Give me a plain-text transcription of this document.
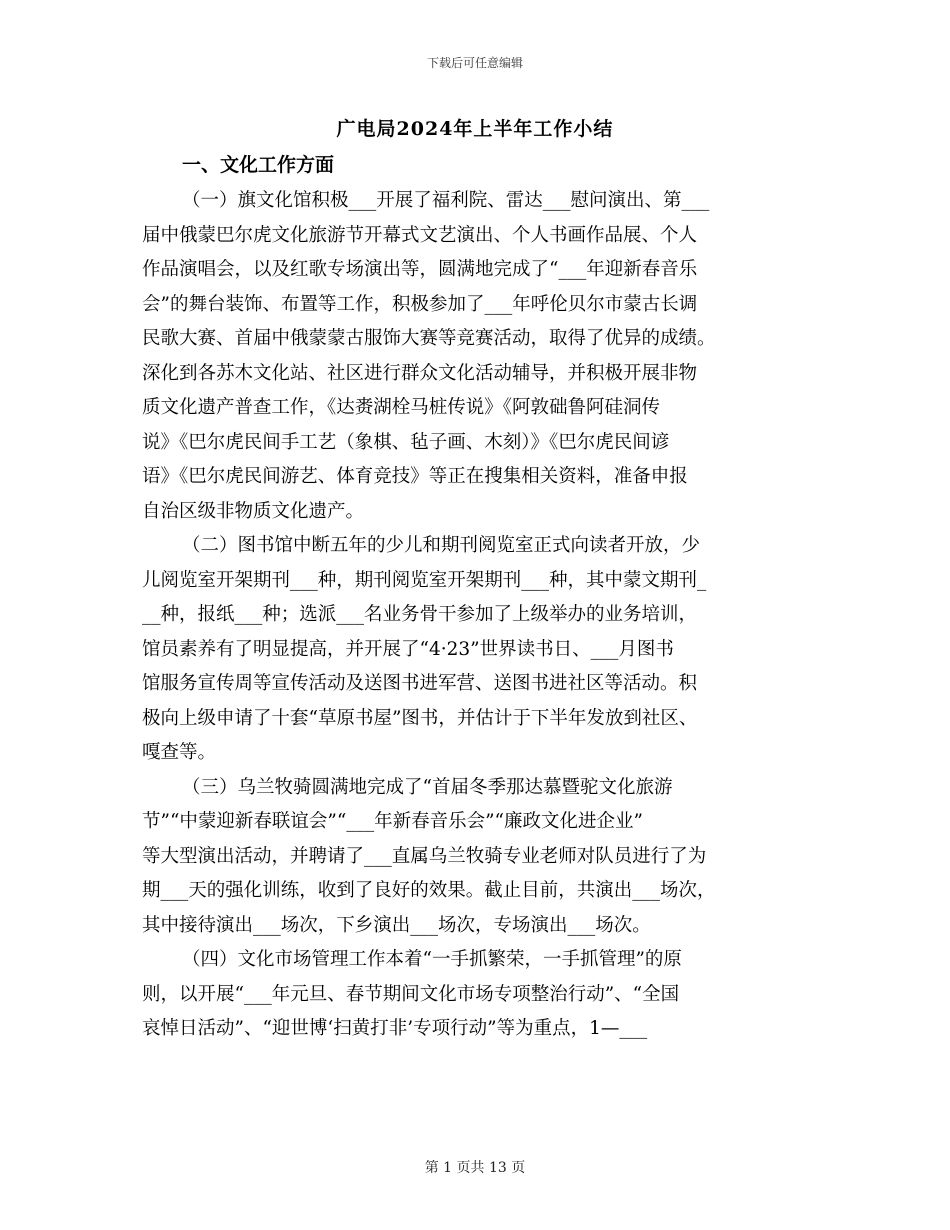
下载后可任意编辑
广电局2024年上半年工作小结
一、文化工作方面
（一）旗文化馆积极___开展了福利院、雷达___慰问演出、第___
届中俄蒙巴尔虎文化旅游节开幕式文艺演出、个人书画作品展、个人
作品演唱会，以及红歌专场演出等，圆满地完成了“___年迎新春音乐
会”的舞台装饰、布置等工作，积极参加了___年呼伦贝尔市蒙古长调
民歌大赛、首届中俄蒙蒙古服饰大赛等竞赛活动，取得了优异的成绩。
深化到各苏木文化站、社区进行群众文化活动辅导，并积极开展非物
质文化遗产普查工作，《达赉湖栓马桩传说》《阿敦础鲁阿硅洞传
说》《巴尔虎民间手工艺（象棋、毡子画、木刻）》《巴尔虎民间谚
语》《巴尔虎民间游艺、体育竞技》等正在搜集相关资料，准备申报
自治区级非物质文化遗产。
（二）图书馆中断五年的少儿和期刊阅览室正式向读者开放，少
儿阅览室开架期刊___种，期刊阅览室开架期刊___种，其中蒙文期刊_
__种，报纸___种；选派___名业务骨干参加了上级举办的业务培训，
馆员素养有了明显提高，并开展了“4·23”世界读书日、___月图书
馆服务宣传周等宣传活动及送图书进军营、送图书进社区等活动。积
极向上级申请了十套“草原书屋”图书，并估计于下半年发放到社区、
嘎查等。
（三）乌兰牧骑圆满地完成了“首届冬季那达慕暨驼文化旅游
节”“中蒙迎新春联谊会”“___年新春音乐会”“廉政文化进企业”
等大型演出活动，并聘请了___直属乌兰牧骑专业老师对队员进行了为
期___天的强化训练，收到了良好的效果。截止目前，共演出___场次，
其中接待演出___场次，下乡演出___场次，专场演出___场次。
（四）文化市场管理工作本着“一手抓繁荣，一手抓管理”的原
则，以开展“___年元旦、春节期间文化市场专项整治行动”、“全国
哀悼日活动”、“迎世博‘扫黄打非’专项行动”等为重点，1—___
第 1 页共 13 页
